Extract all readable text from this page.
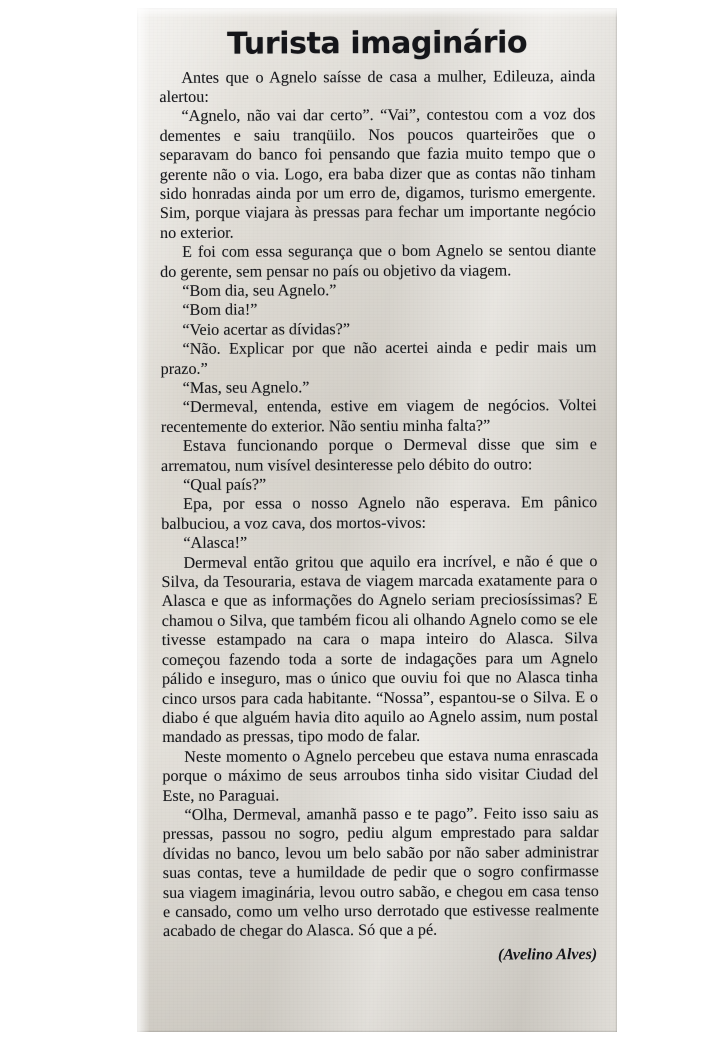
Turista imaginário

Antes que o Agnelo saísse de casa a mulher, Edileuza, ainda alertou:

“Agnelo, não vai dar certo”. “Vai”, contestou com a voz dos dementes e saiu tranqüilo. Nos poucos quarteirões que o separavam do banco foi pensando que fazia muito tempo que o gerente não o via. Logo, era baba dizer que as contas não tinham sido honradas ainda por um erro de, digamos, turismo emergente. Sim, porque viajara às pressas para fechar um importante negócio no exterior.

E foi com essa segurança que o bom Agnelo se sentou diante do gerente, sem pensar no país ou objetivo da viagem.

“Bom dia, seu Agnelo.”

“Bom dia!”

“Veio acertar as dívidas?”

“Não. Explicar por que não acertei ainda e pedir mais um prazo.”

“Mas, seu Agnelo.”

“Dermeval, entenda, estive em viagem de negócios. Voltei recentemente do exterior. Não sentiu minha falta?”

Estava funcionando porque o Dermeval disse que sim e arrematou, num visível desinteresse pelo débito do outro:

“Qual país?”

Epa, por essa o nosso Agnelo não esperava. Em pânico balbuciou, a voz cava, dos mortos-vivos:

“Alasca!”

Dermeval então gritou que aquilo era incrível, e não é que o Silva, da Tesouraria, estava de viagem marcada exatamente para o Alasca e que as informações do Agnelo seriam preciosíssimas? E chamou o Silva, que também ficou ali olhando Agnelo como se ele tivesse estampado na cara o mapa inteiro do Alasca. Silva começou fazendo toda a sorte de indagações para um Agnelo pálido e inseguro, mas o único que ouviu foi que no Alasca tinha cinco ursos para cada habitante. “Nossa”, espantou-se o Silva. E o diabo é que alguém havia dito aquilo ao Agnelo assim, num postal mandado as pressas, tipo modo de falar.

Neste momento o Agnelo percebeu que estava numa enrascada porque o máximo de seus arroubos tinha sido visitar Ciudad del Este, no Paraguai.

“Olha, Dermeval, amanhã passo e te pago”. Feito isso saiu as pressas, passou no sogro, pediu algum emprestado para saldar dívidas no banco, levou um belo sabão por não saber administrar suas contas, teve a humildade de pedir que o sogro confirmasse sua viagem imaginária, levou outro sabão, e chegou em casa tenso e cansado, como um velho urso derrotado que estivesse realmente acabado de chegar do Alasca. Só que a pé.

(Avelino Alves)
